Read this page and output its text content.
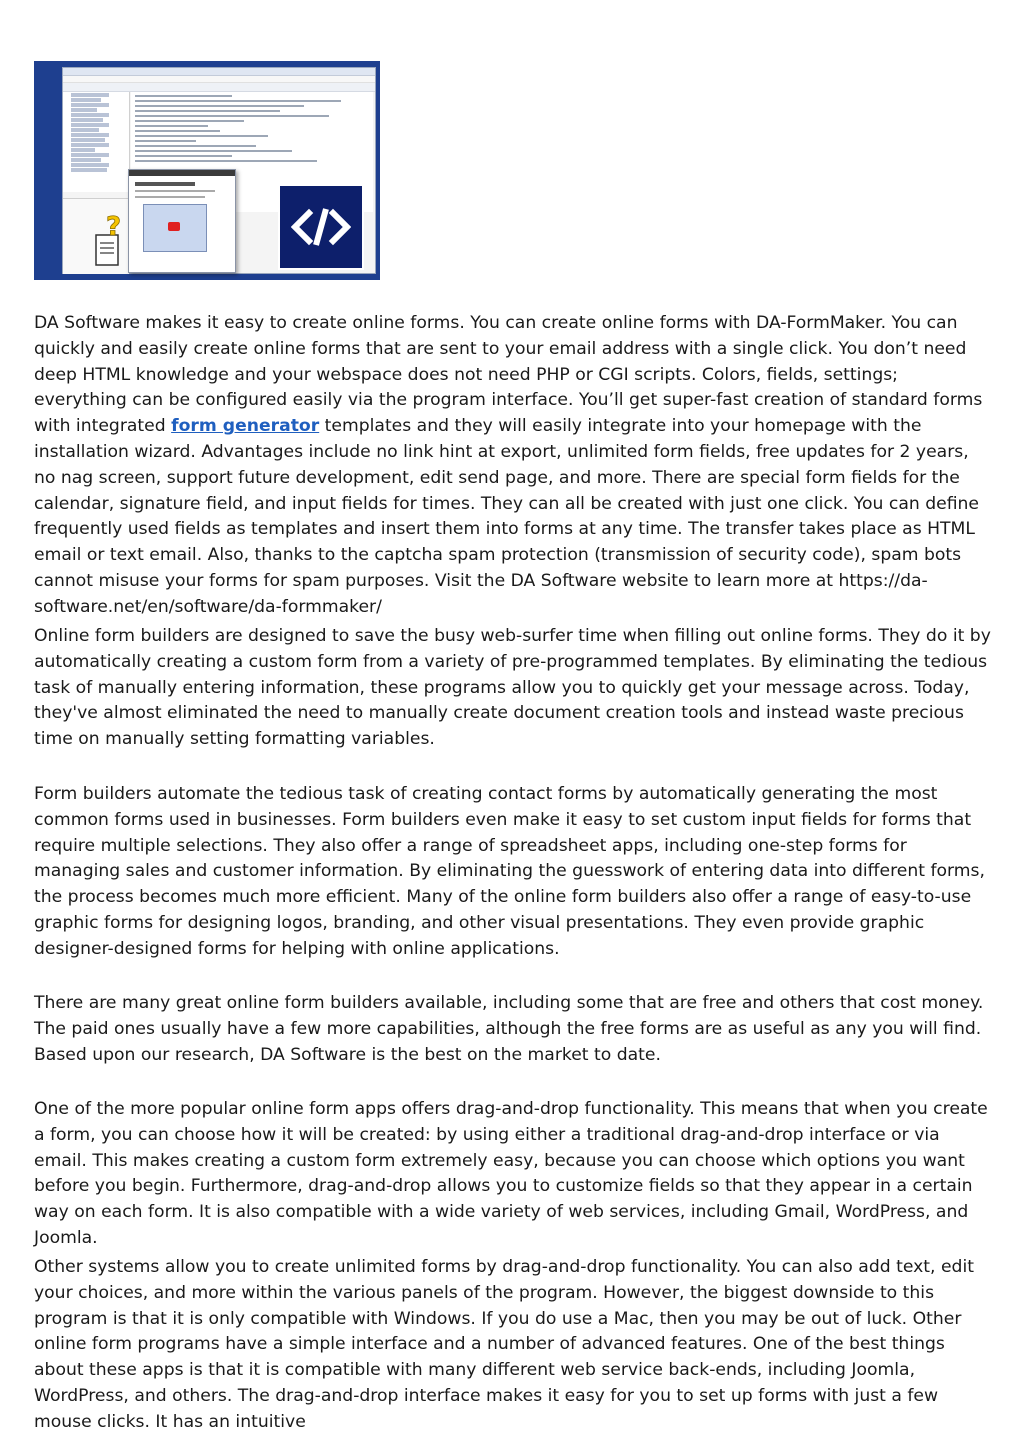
?

DA Software makes it easy to create online forms. You can create online forms with DA-FormMaker. You can quickly and easily create online forms that are sent to your email address with a single click. You don’t need deep HTML knowledge and your webspace does not need PHP or CGI scripts. Colors, fields, settings; everything can be configured easily via the program interface. You’ll get super-fast creation of standard forms with integrated form generator templates and they will easily integrate into your homepage with the installation wizard. Advantages include no link hint at export, unlimited form fields, free updates for 2 years, no nag screen, support future development, edit send page, and more. There are special form fields for the calendar, signature field, and input fields for times. They can all be created with just one click. You can define frequently used fields as templates and insert them into forms at any time. The transfer takes place as HTML email or text email. Also, thanks to the captcha spam protection (transmission of security code), spam bots cannot misuse your forms for spam purposes. Visit the DA Software website to learn more at https://da-software.net/en/software/da-formmaker/

Online form builders are designed to save the busy web-surfer time when filling out online forms. They do it by automatically creating a custom form from a variety of pre-programmed templates. By eliminating the tedious task of manually entering information, these programs allow you to quickly get your message across. Today, they've almost eliminated the need to manually create document creation tools and instead waste precious time on manually setting formatting variables.

Form builders automate the tedious task of creating contact forms by automatically generating the most common forms used in businesses. Form builders even make it easy to set custom input fields for forms that require multiple selections. They also offer a range of spreadsheet apps, including one-step forms for managing sales and customer information. By eliminating the guesswork of entering data into different forms, the process becomes much more efficient. Many of the online form builders also offer a range of easy-to-use graphic forms for designing logos, branding, and other visual presentations. They even provide graphic designer-designed forms for helping with online applications.

There are many great online form builders available, including some that are free and others that cost money. The paid ones usually have a few more capabilities, although the free forms are as useful as any you will find. Based upon our research, DA Software is the best on the market to date.

One of the more popular online form apps offers drag-and-drop functionality. This means that when you create a form, you can choose how it will be created: by using either a traditional drag-and-drop interface or via email. This makes creating a custom form extremely easy, because you can choose which options you want before you begin. Furthermore, drag-and-drop allows you to customize fields so that they appear in a certain way on each form. It is also compatible with a wide variety of web services, including Gmail, WordPress, and Joomla.

Other systems allow you to create unlimited forms by drag-and-drop functionality. You can also add text, edit your choices, and more within the various panels of the program. However, the biggest downside to this program is that it is only compatible with Windows. If you do use a Mac, then you may be out of luck. Other online form programs have a simple interface and a number of advanced features. One of the best things about these apps is that it is compatible with many different web service back-ends, including Joomla, WordPress, and others. The drag-and-drop interface makes it easy for you to set up forms with just a few mouse clicks. It has an intuitive
